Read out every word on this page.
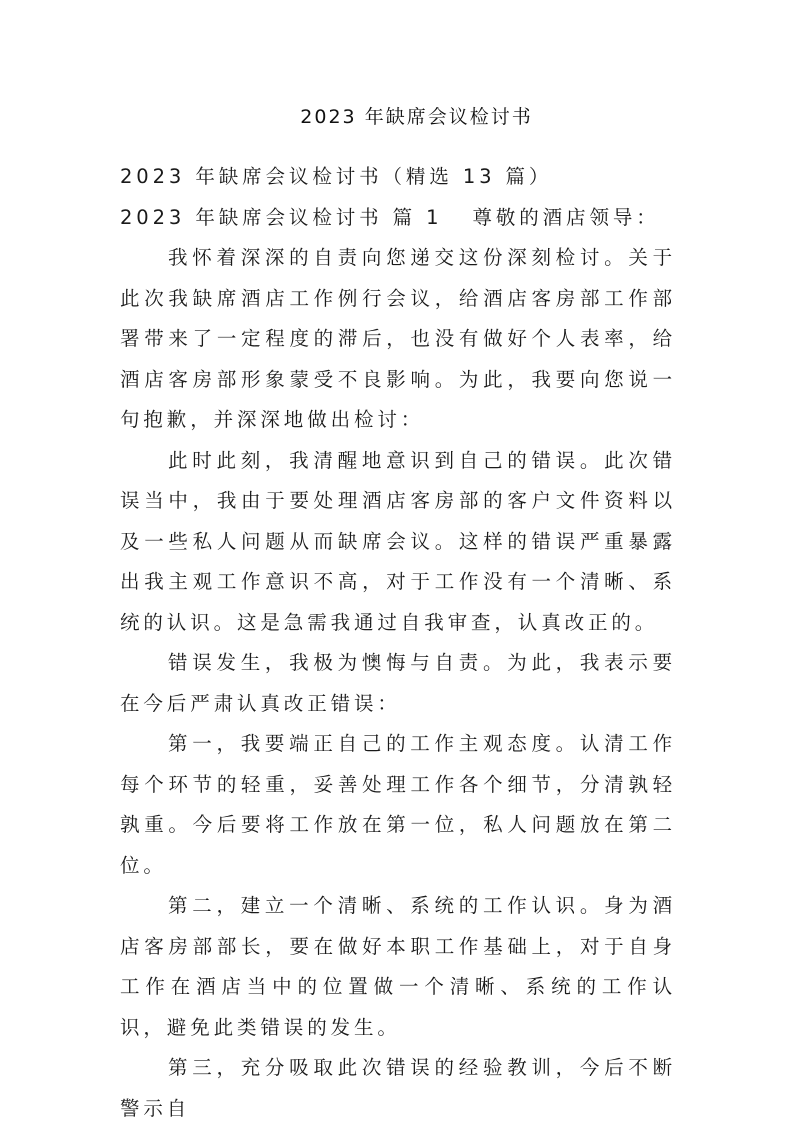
2023 年缺席会议检讨书
2023 年缺席会议检讨书（精选 13 篇）
2023 年缺席会议检讨书 篇 1 尊敬的酒店领导：

我怀着深深的自责向您递交这份深刻检讨。关于此次我缺席酒店工作例行会议，给酒店客房部工作部署带来了一定程度的滞后，也没有做好个人表率，给酒店客房部形象蒙受不良影响。为此，我要向您说一句抱歉，并深深地做出检讨：

此时此刻，我清醒地意识到自己的错误。此次错误当中，我由于要处理酒店客房部的客户文件资料以及一些私人问题从而缺席会议。这样的错误严重暴露出我主观工作意识不高，对于工作没有一个清晰、系统的认识。这是急需我通过自我审查，认真改正的。

错误发生，我极为懊悔与自责。为此，我表示要在今后严肃认真改正错误：

第一，我要端正自己的工作主观态度。认清工作每个环节的轻重，妥善处理工作各个细节，分清孰轻孰重。今后要将工作放在第一位，私人问题放在第二位。

第二，建立一个清晰、系统的工作认识。身为酒店客房部部长，要在做好本职工作基础上，对于自身工作在酒店当中的位置做一个清晰、系统的工作认识，避免此类错误的发生。

第三，充分吸取此次错误的经验教训，今后不断警示自
